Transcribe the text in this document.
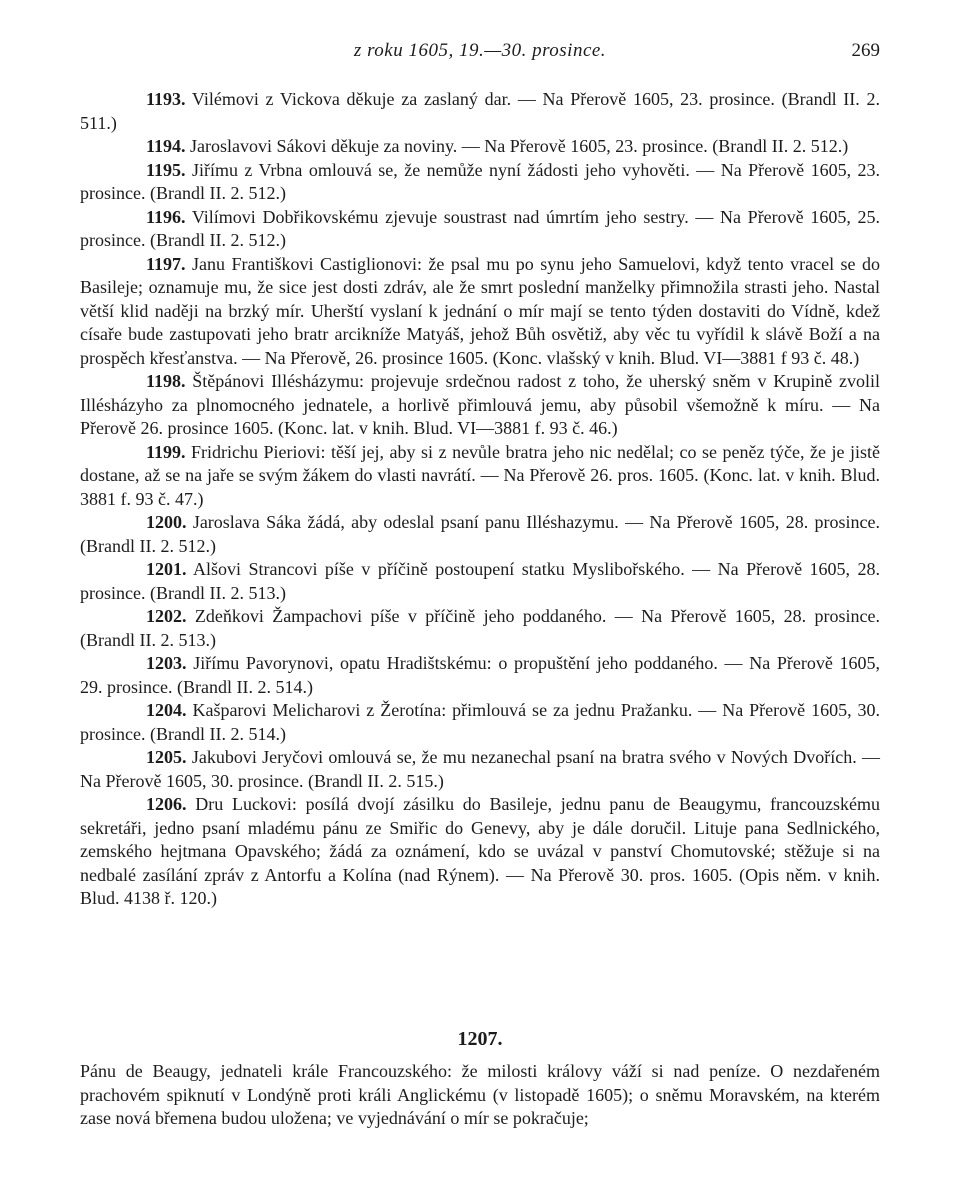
z roku 1605, 19.—30. prosince.	269

1193. Vilémovi z Vickova děkuje za zaslaný dar. — Na Přerově 1605, 23. prosince. (Brandl II. 2. 511.)

1194. Jaroslavovi Sákovi děkuje za noviny. — Na Přerově 1605, 23. prosince. (Brandl II. 2. 512.)

1195. Jiřímu z Vrbna omlouvá se, že nemůže nyní žádosti jeho vyhověti. — Na Přerově 1605, 23. prosince. (Brandl II. 2. 512.)

1196. Vilímovi Dobřikovskému zjevuje soustrast nad úmrtím jeho sestry. — Na Přerově 1605, 25. prosince. (Brandl II. 2. 512.)

1197. Janu Františkovi Castiglionovi: že psal mu po synu jeho Samuelovi, když tento vracel se do Basileje; oznamuje mu, že sice jest dosti zdráv, ale že smrt poslední manželky přimnožila strasti jeho. Nastal větší klid naději na brzký mír. Uherští vyslaní k jednání o mír mají se tento týden dostaviti do Vídně, kdež císaře bude zastupovati jeho bratr arcikníže Matyáš, jehož Bůh osvětiž, aby věc tu vyřídil k slávě Boží a na prospěch křesťanstva. — Na Přerově, 26. prosince 1605. (Konc. vlašský v knih. Blud. VI—3881 f 93 č. 48.)

1198. Štěpánovi Illésházymu: projevuje srdečnou radost z toho, že uherský sněm v Krupině zvolil Illésházyho za plnomocného jednatele, a horlivě přimlouvá jemu, aby působil všemožně k míru. — Na Přerově 26. prosince 1605. (Konc. lat. v knih. Blud. VI—3881 f. 93 č. 46.)

1199. Fridrichu Pieriovi: těší jej, aby si z nevůle bratra jeho nic nedělal; co se peněz týče, že je jistě dostane, až se na jaře se svým žákem do vlasti navrátí. — Na Přerově 26. pros. 1605. (Konc. lat. v knih. Blud. 3881 f. 93 č. 47.)

1200. Jaroslava Sáka žádá, aby odeslal psaní panu Illéshazymu. — Na Přerově 1605, 28. prosince. (Brandl II. 2. 512.)

1201. Alšovi Strancovi píše v příčině postoupení statku Myslibořského. — Na Přerově 1605, 28. prosince. (Brandl II. 2. 513.)

1202. Zdeňkovi Žampachovi píše v příčině jeho poddaného. — Na Přerově 1605, 28. prosince. (Brandl II. 2. 513.)

1203. Jiřímu Pavorynovi, opatu Hradištskému: o propuštění jeho poddaného. — Na Přerově 1605, 29. prosince. (Brandl II. 2. 514.)

1204. Kašparovi Melicharovi z Žerotína: přimlouvá se za jednu Pražanku. — Na Přerově 1605, 30. prosince. (Brandl II. 2. 514.)

1205. Jakubovi Jeryčovi omlouvá se, že mu nezanechal psaní na bratra svého v Nových Dvořích. — Na Přerově 1605, 30. prosince. (Brandl II. 2. 515.)

1206. Dru Luckovi: posílá dvojí zásilku do Basileje, jednu panu de Beaugymu, francouzskému sekretáři, jedno psaní mladému pánu ze Smiřic do Genevy, aby je dále doručil. Lituje pana Sedlnického, zemského hejtmana Opavského; žádá za oznámení, kdo se uvázal v panství Chomutovské; stěžuje si na nedbalé zasílání zpráv z Antorfu a Kolína (nad Rýnem). — Na Přerově 30. pros. 1605. (Opis něm. v knih. Blud. 4138 ř. 120.)

1207.

Pánu de Beaugy, jednateli krále Francouzského: že milosti královy váží si nad peníze. O nezdařeném prachovém spiknutí v Londýně proti králi Anglickému (v listopadě 1605); o sněmu Moravském, na kterém zase nová břemena budou uložena; ve vyjednávání o mír se pokračuje;
